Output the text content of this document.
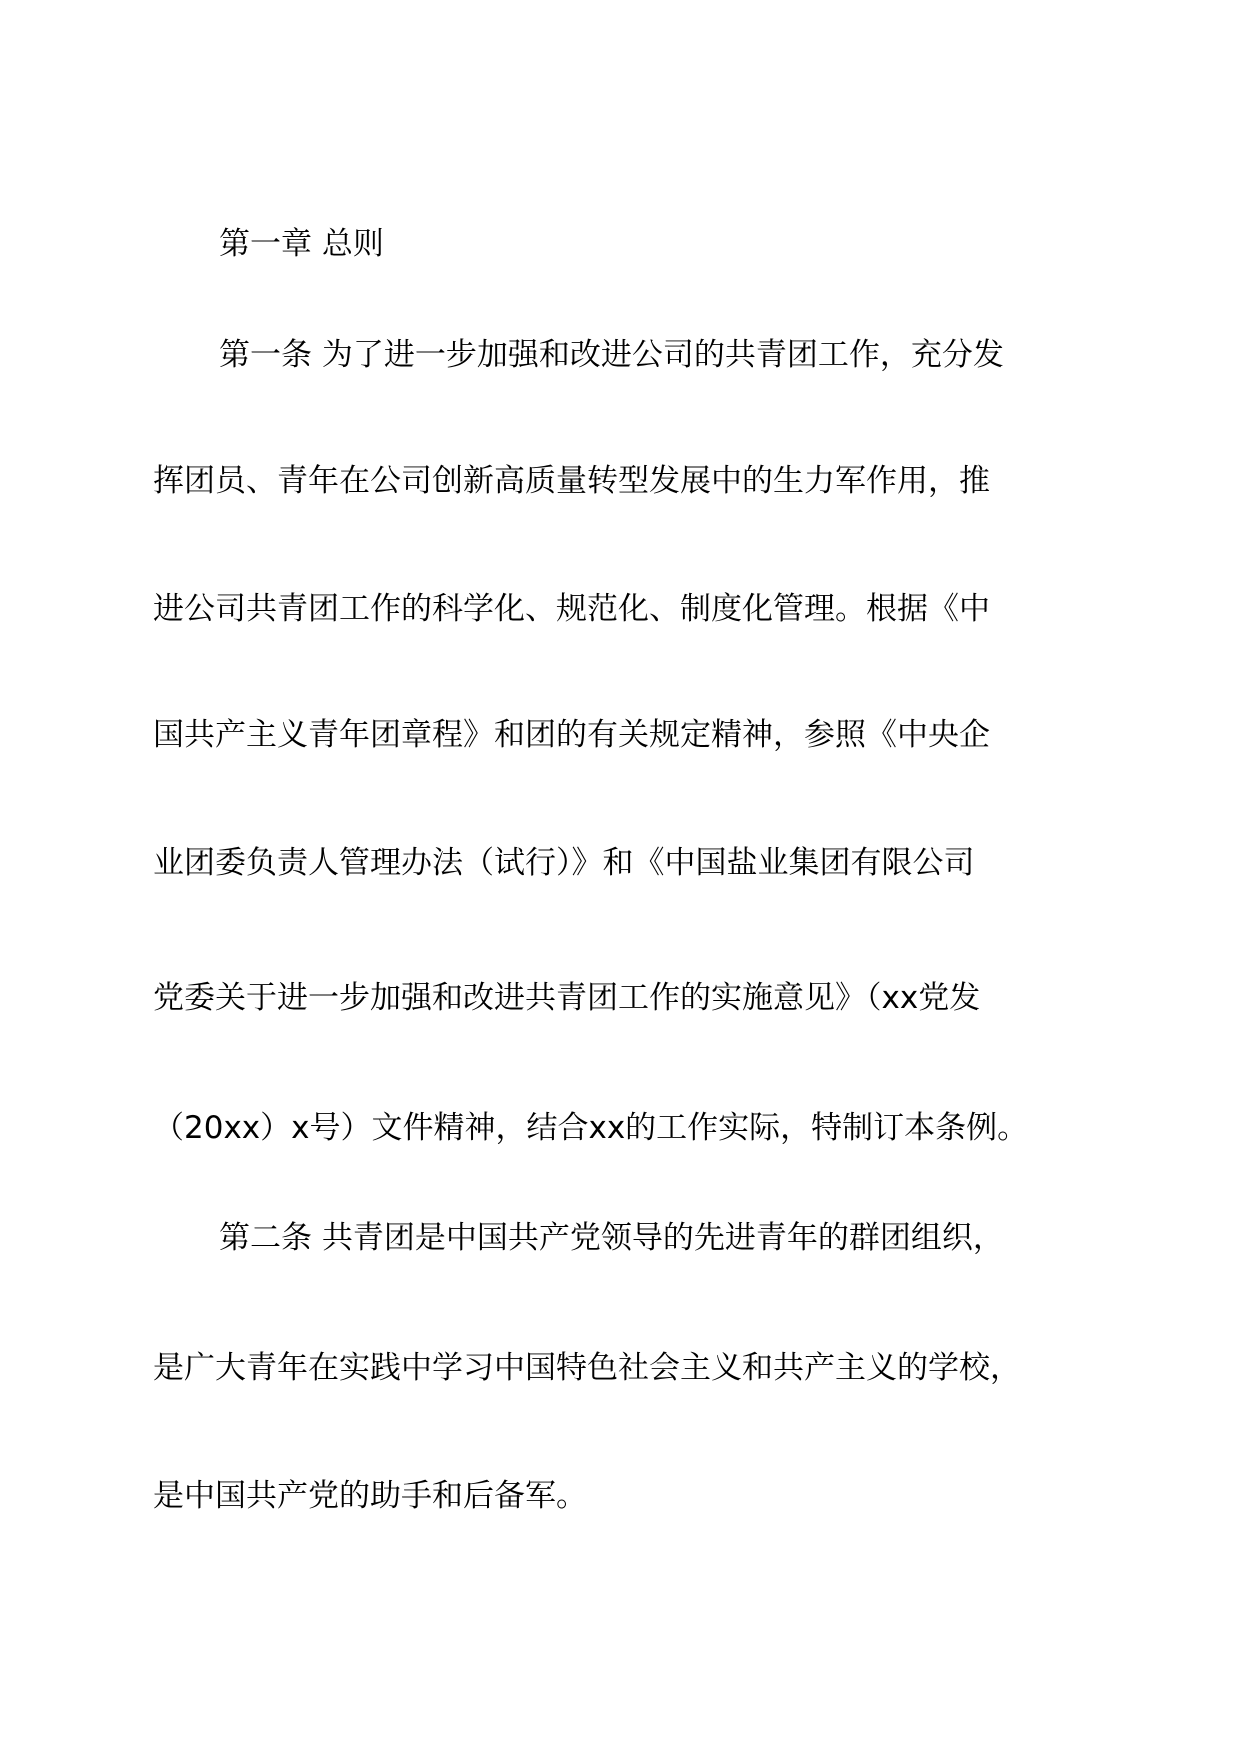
第一章 总则
第一条 为了进一步加强和改进公司的共青团工作，充分发
挥团员、青年在公司创新高质量转型发展中的生力军作用，推
进公司共青团工作的科学化、规范化、制度化管理。根据《中
国共产主义青年团章程》和团的有关规定精神，参照《中央企
业团委负责人管理办法（试行）》和《中国盐业集团有限公司
党委关于进一步加强和改进共青团工作的实施意见》（xx党发
（20xx）x号）文件精神，结合xx的工作实际，特制订本条例。
第二条 共青团是中国共产党领导的先进青年的群团组织，
是广大青年在实践中学习中国特色社会主义和共产主义的学校，
是中国共产党的助手和后备军。
